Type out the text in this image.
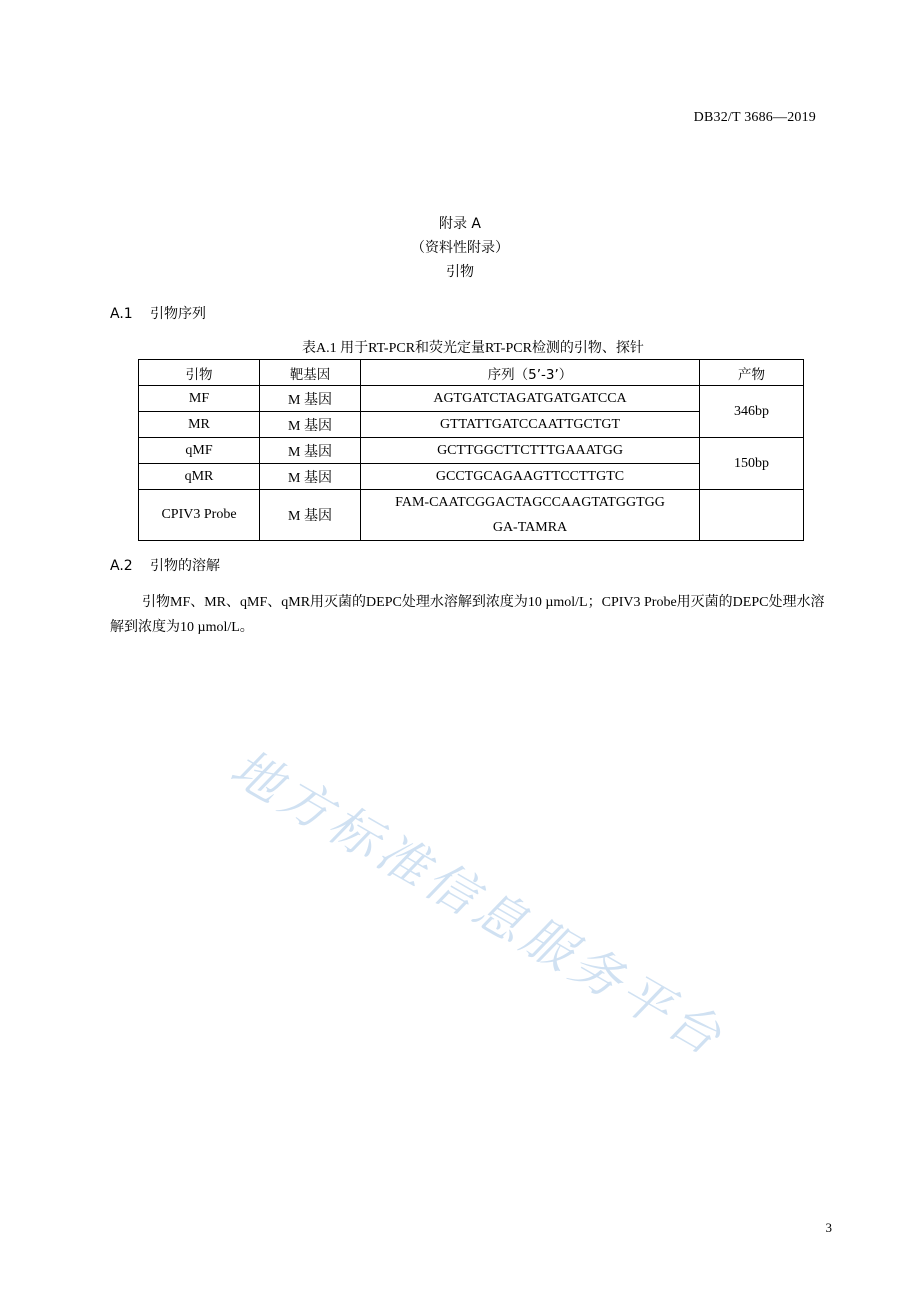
DB32/T 3686—2019
附录 A
（资料性附录）
引物
A.1 引物序列
表A.1 用于RT-PCR和荧光定量RT-PCR检测的引物、探针
引物	靶基因	序列（5’-3’）	产物
MF	M 基因	AGTGATCTAGATGATGATCCA	346bp
MR	M 基因	GTTATTGATCCAATTGCTGT	
qMF	M 基因	GCTTGGCTTCTTTGAAATGG	150bp
qMR	M 基因	GCCTGCAGAAGTTCCTTGTC	
CPIV3 Probe	M 基因	FAM-CAATCGGACTAGCCAAGTATGGTGG
GA-TAMRA	

A.2 引物的溶解
引物MF、MR、qMF、qMR用灭菌的DEPC处理水溶解到浓度为10 µmol/L；CPIV3 Probe用灭菌的DEPC处理水溶解到浓度为10 µmol/L。
地方标准信息服务平台
3
